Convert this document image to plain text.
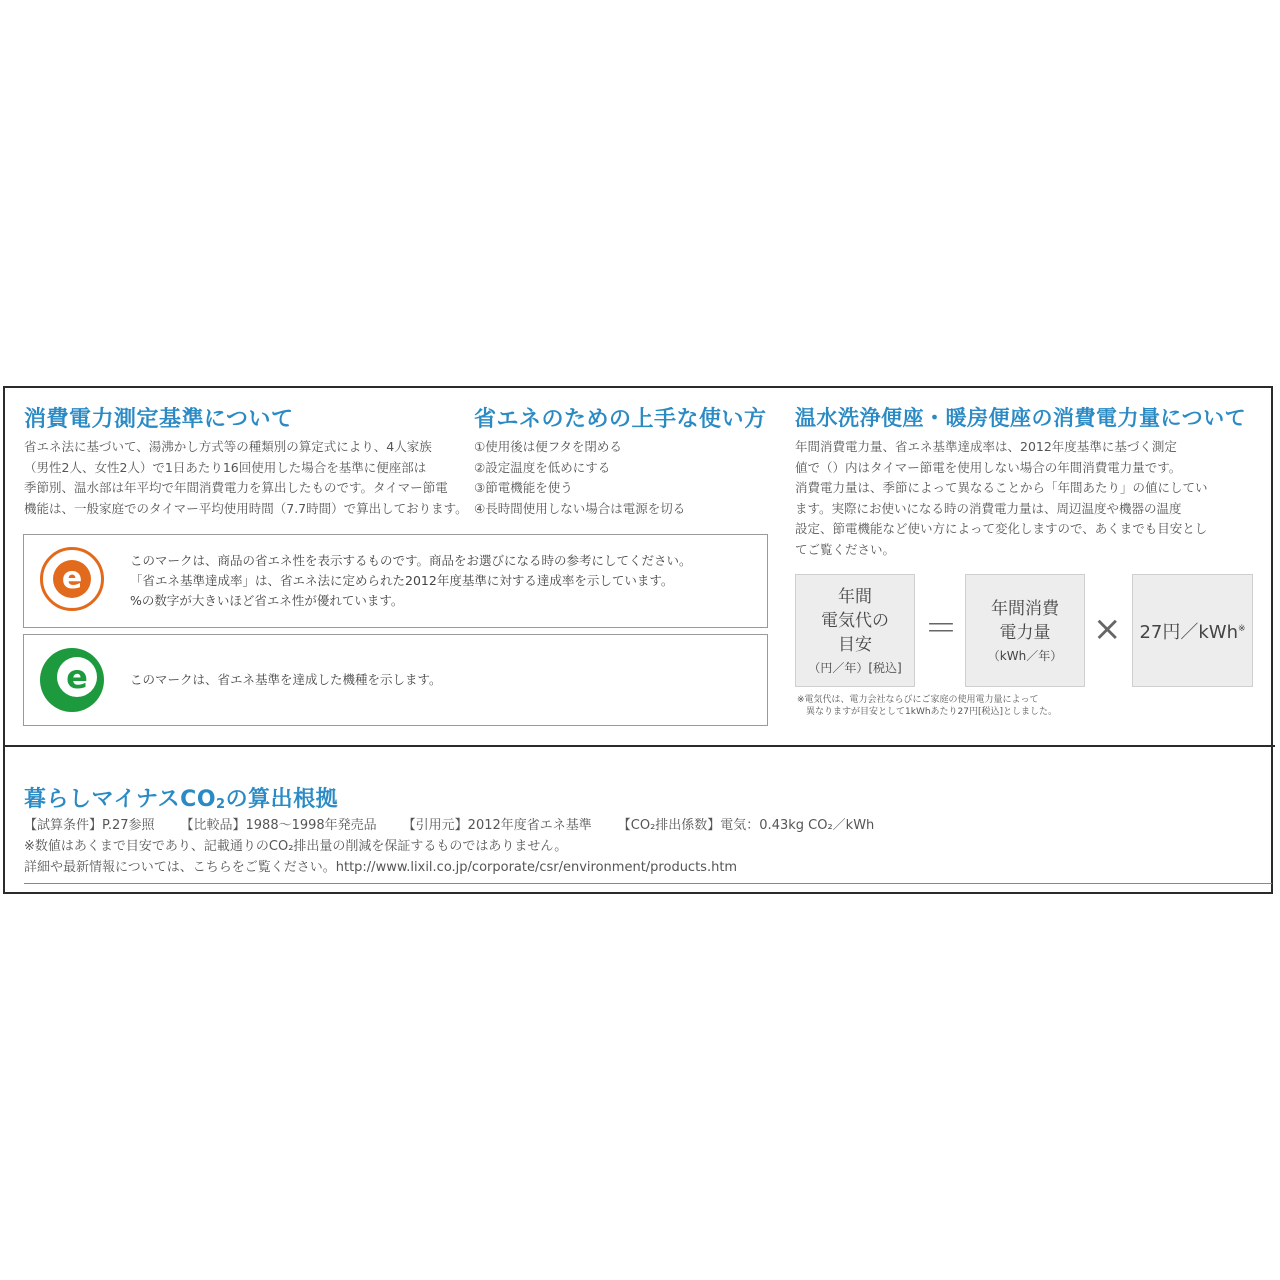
消費電力測定基準について
省エネ法に基づいて、湯沸かし方式等の種類別の算定式により、4人家族
（男性2人、女性2人）で1日あたり16回使用した場合を基準に便座部は
季節別、温水部は年平均で年間消費電力を算出したものです。タイマー節電
機能は、一般家庭でのタイマー平均使用時間（7.7時間）で算出しております。
省エネのための上手な使い方
①使用後は便フタを閉める
②設定温度を低めにする
③節電機能を使う
④長時間使用しない場合は電源を切る
温水洗浄便座・暖房便座の消費電力量について
年間消費電力量、省エネ基準達成率は、2012年度基準に基づく測定
値で（）内はタイマー節電を使用しない場合の年間消費電力量です。
消費電力量は、季節によって異なることから「年間あたり」の値にしてい
ます。実際にお使いになる時の消費電力量は、周辺温度や機器の温度
設定、節電機能など使い方によって変化しますので、あくまでも目安とし
てご覧ください。
e
このマークは、商品の省エネ性を表示するものです。商品をお選びになる時の参考にしてください。
「省エネ基準達成率」は、省エネ法に定められた2012年度基準に対する達成率を示しています。
%の数字が大きいほど省エネ性が優れています。
e	このマークは、省エネ基準を達成した機種を示します。
年間
電気代の
目安
（円／年）[税込]
＝
年間消費
電力量
（kWh／年）
× 27円／kWh※
※電気代は、電力会社ならびにご家庭の使用電力量によって
異なりますが目安として1kWhあたり27円[税込]としました。
暮らしマイナス$CO_2$の算出根拠
【試算条件】P.27参照 【比較品】1988～1998年発売品 【引用元】2012年度省エネ基準 【CO₂排出係数】電気：0.43kg CO₂／kWh
※数値はあくまで目安であり、記載通りのCO₂排出量の削減を保証するものではありません。
詳細や最新情報については、こちらをご覧ください。http://www.lixil.co.jp/corporate/csr/environment/products.htm
